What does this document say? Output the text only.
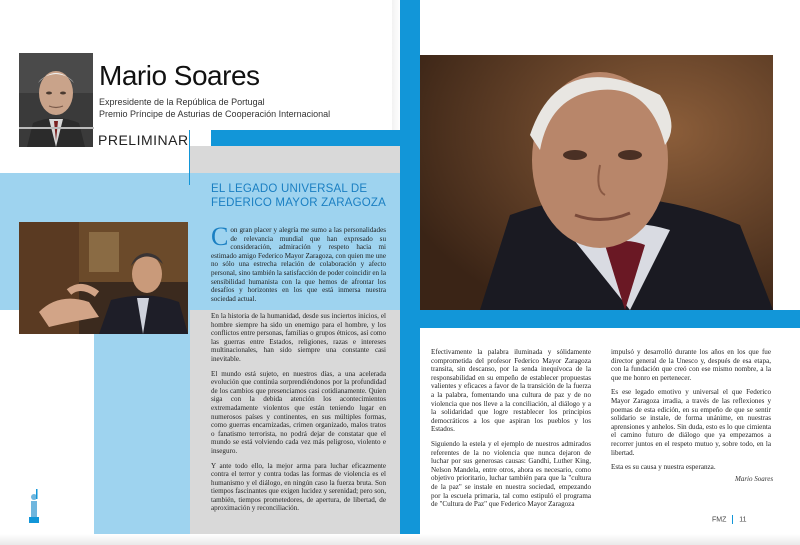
Mario Soares
Expresidente de la República de Portugal
Premio Príncipe de Asturias de Cooperación Internacional
PRELIMINAR
EL LEGADO UNIVERSAL DE FEDERICO MAYOR ZARAGOZA
Con gran placer y alegría me sumo a las personalidades de relevancia mundial que han expresado su consideración, admiración y respeto hacia mi estimado amigo Federico Mayor Zaragoza, con quien me une no sólo una estrecha relación de colaboración y afecto personal, sino también la satisfacción de poder coincidir en la sensibilidad humanista con la que hemos de afrontar los desafíos y horizontes en los que está inmersa nuestra sociedad actual.

En la historia de la humanidad, desde sus inciertos inicios, el hombre siempre ha sido un enemigo para el hombre, y los conflictos entre personas, familias o grupos étnicos, así como las guerras entre Estados, religiones, razas e intereses multinacionales, han sido siempre una constante casi inevitable.

El mundo está sujeto, en nuestros días, a una acelerada evolución que continúa sorprendiéndonos por la profundidad de los cambios que presenciamos casi cotidianamente. Quien siga con la debida atención los acontecimientos extremadamente violentos que están teniendo lugar en numerosos países y continentes, en sus múltiples formas, como guerras encarnizadas, crimen organizado, malos tratos o fanatismo terrorista, no podrá dejar de constatar que el mundo se está volviendo cada vez más peligroso, violento e inseguro.

Y ante todo ello, la mejor arma para luchar eficazmente contra el terror y contra todas las formas de violencia es el humanismo y el diálogo, en ningún caso la fuerza bruta. Son tiempos fascinantes que exigen lucidez y serenidad; pero son, también, tiempos prometedores, de apertura, de libertad, de aproximación y reconciliación.

Efectivamente la palabra iluminada y sólidamente comprometida del profesor Federico Mayor Zaragoza transita, sin descanso, por la senda inequívoca de la responsabilidad en su empeño de establecer propuestas valientes y eficaces a favor de la transición de la fuerza a la palabra, fomentando una cultura de paz y de no violencia que nos lleve a la conciliación, al diálogo y a la solidaridad que logre restablecer los principios democráticos a los que aspiran los pueblos y los Estados.

Siguiendo la estela y el ejemplo de nuestros admirados referentes de la no violencia que nunca dejaron de luchar por sus generosas causas: Gandhi, Luther King, Nelson Mandela, entre otros, ahora es necesario, como objetivo prioritario, luchar también para que la "cultura de la paz" se instale en nuestra sociedad, empezando por la escuela primaria, tal como estipuló el programa de "Cultura de Paz" que Federico Mayor Zaragoza

impulsó y desarrolló durante los años en los que fue director general de la Unesco y, después de esa etapa, con la fundación que creó con ese mismo nombre, a la que me honro en pertenecer.

Es ese legado emotivo y universal el que Federico Mayor Zaragoza irradia, a través de las reflexiones y poemas de esta edición, en su empeño de que se sentir solidario se instale, de forma unánime, en nuestras aprensiones y anhelos. Sin duda, esto es lo que cimienta el camino futuro de diálogo que ya empezamos a recorrer juntos en el respeto mutuo y, sobre todo, en la libertad.

Esta es su causa y nuestra esperanza.

Mario Soares
FMZ 11
